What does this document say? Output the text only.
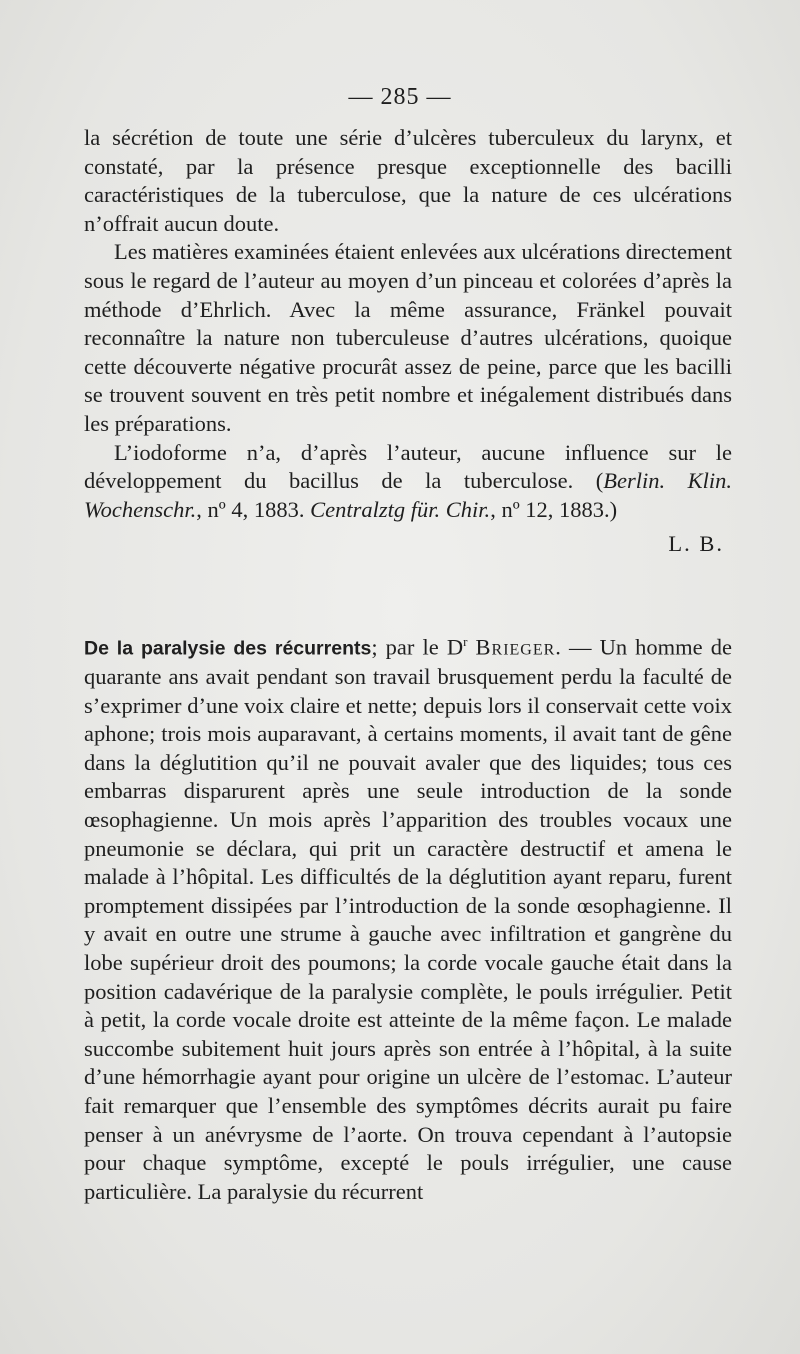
— 285 —

la sécrétion de toute une série d’ulcères tuberculeux du larynx, et constaté, par la présence presque exceptionnelle des bacilli caractéristiques de la tuberculose, que la nature de ces ulcérations n’offrait aucun doute.

Les matières examinées étaient enlevées aux ulcérations directement sous le regard de l’auteur au moyen d’un pinceau et colorées d’après la méthode d’Ehrlich. Avec la même assurance, Fränkel pouvait reconnaître la nature non tuberculeuse d’autres ulcérations, quoique cette découverte négative procurât assez de peine, parce que les bacilli se trouvent souvent en très petit nombre et inégalement distribués dans les préparations.

L’iodoforme n’a, d’après l’auteur, aucune influence sur le développement du bacillus de la tuberculose. (Berlin. Klin. Wochenschr., nº 4, 1883. Centralztg für. Chir., nº 12, 1883.)

L. B.

De la paralysie des récurrents; par le $D^r$ Brieger. — Un homme de quarante ans avait pendant son travail brusquement perdu la faculté de s’exprimer d’une voix claire et nette; depuis lors il conservait cette voix aphone; trois mois auparavant, à certains moments, il avait tant de gêne dans la déglutition qu’il ne pouvait avaler que des liquides; tous ces embarras disparurent après une seule introduction de la sonde œsophagienne. Un mois après l’apparition des troubles vocaux une pneumonie se déclara, qui prit un caractère destructif et amena le malade à l’hôpital. Les difficultés de la déglutition ayant reparu, furent promptement dissipées par l’introduction de la sonde œsophagienne. Il y avait en outre une strume à gauche avec infiltration et gangrène du lobe supérieur droit des poumons; la corde vocale gauche était dans la position cadavérique de la paralysie complète, le pouls irrégulier. Petit à petit, la corde vocale droite est atteinte de la même façon. Le malade succombe subitement huit jours après son entrée à l’hôpital, à la suite d’une hémorrhagie ayant pour origine un ulcère de l’estomac. L’auteur fait remarquer que l’ensemble des symptômes décrits aurait pu faire penser à un anévrysme de l’aorte. On trouva cependant à l’autopsie pour chaque symptôme, excepté le pouls irrégulier, une cause particulière. La paralysie du récurrent
